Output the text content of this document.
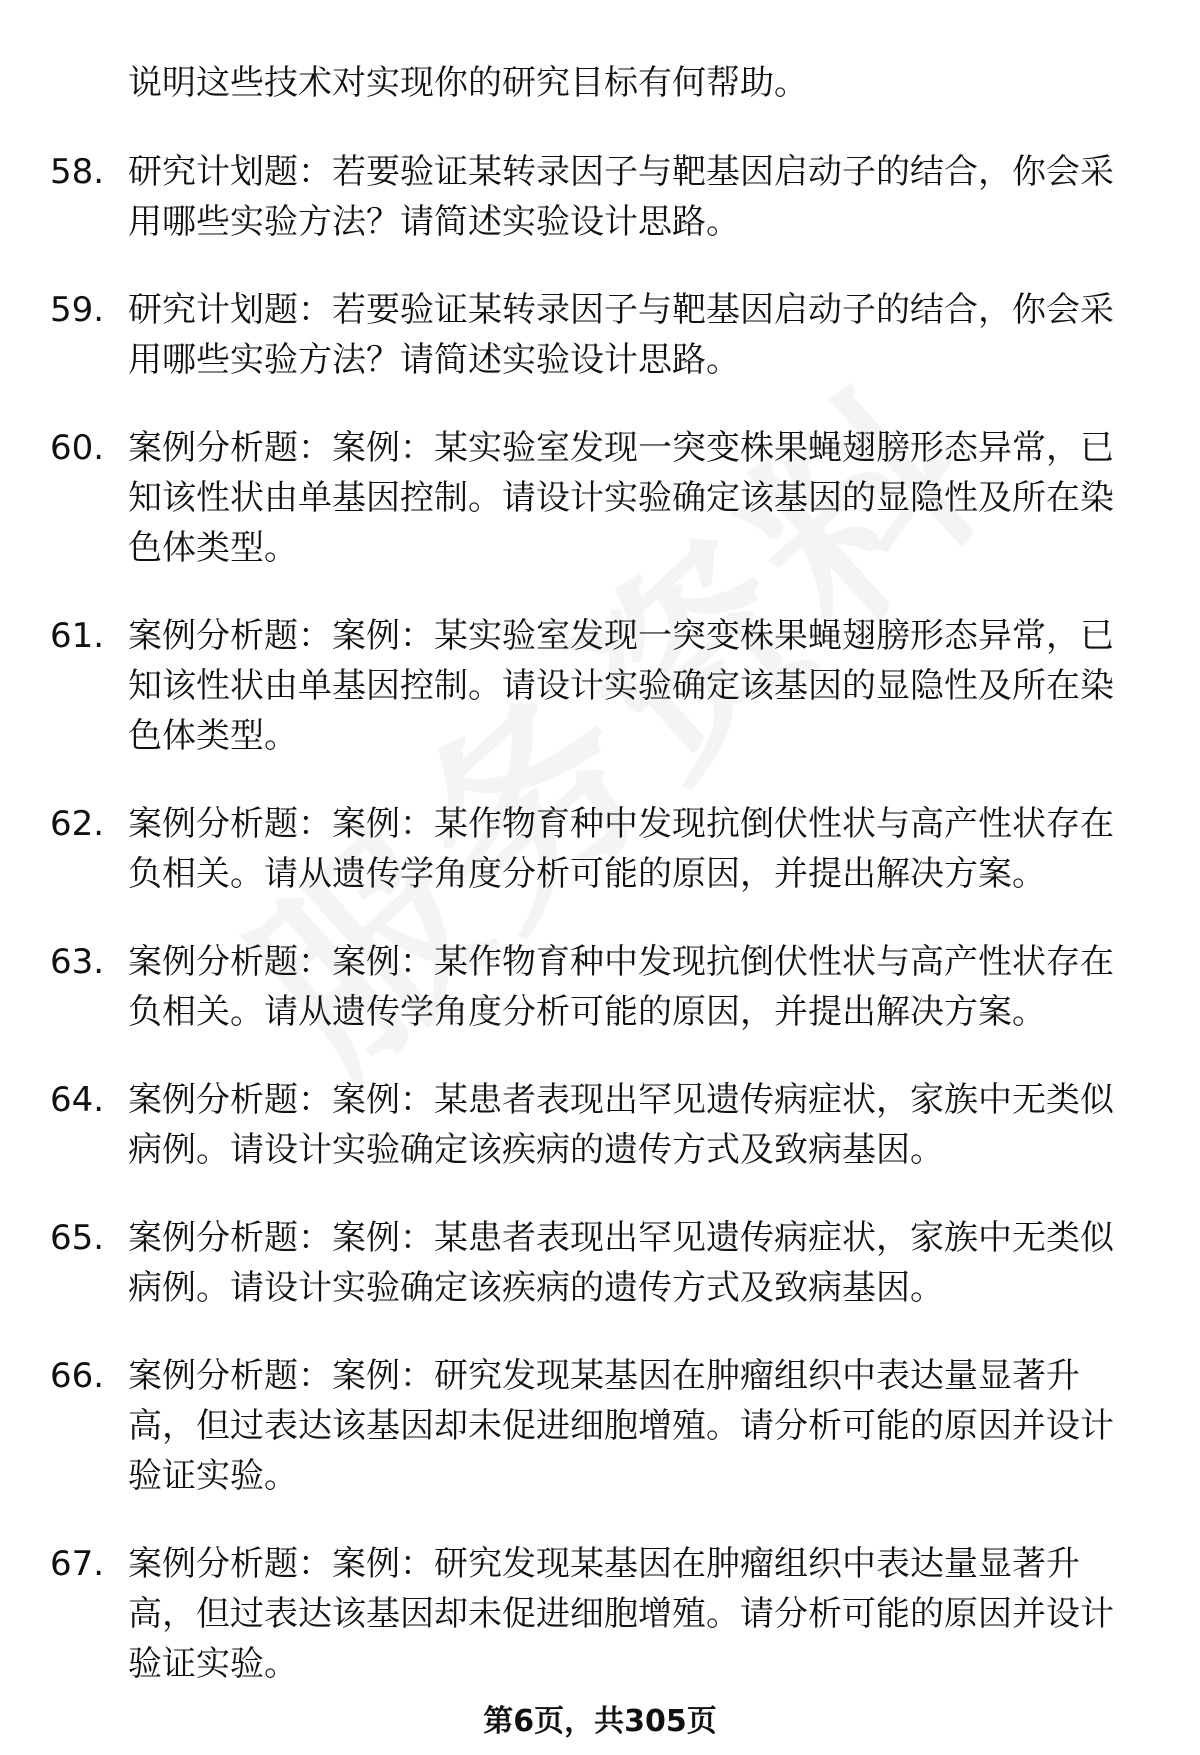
说明这些技术对实现你的研究目标有何帮助。
58. 研究计划题：若要验证某转录因子与靶基因启动子的结合，你会采用哪些实验方法？请简述实验设计思路。
59. 研究计划题：若要验证某转录因子与靶基因启动子的结合，你会采用哪些实验方法？请简述实验设计思路。
60. 案例分析题：案例：某实验室发现一突变株果蝇翅膀形态异常，已知该性状由单基因控制。请设计实验确定该基因的显隐性及所在染色体类型。
61. 案例分析题：案例：某实验室发现一突变株果蝇翅膀形态异常，已知该性状由单基因控制。请设计实验确定该基因的显隐性及所在染色体类型。
62. 案例分析题：案例：某作物育种中发现抗倒伏性状与高产性状存在负相关。请从遗传学角度分析可能的原因，并提出解决方案。
63. 案例分析题：案例：某作物育种中发现抗倒伏性状与高产性状存在负相关。请从遗传学角度分析可能的原因，并提出解决方案。
64. 案例分析题：案例：某患者表现出罕见遗传病症状，家族中无类似病例。请设计实验确定该疾病的遗传方式及致病基因。
65. 案例分析题：案例：某患者表现出罕见遗传病症状，家族中无类似病例。请设计实验确定该疾病的遗传方式及致病基因。
66. 案例分析题：案例：研究发现某基因在肿瘤组织中表达量显著升高，但过表达该基因却未促进细胞增殖。请分析可能的原因并设计验证实验。
67. 案例分析题：案例：研究发现某基因在肿瘤组织中表达量显著升高，但过表达该基因却未促进细胞增殖。请分析可能的原因并设计验证实验。
第6页，共305页
